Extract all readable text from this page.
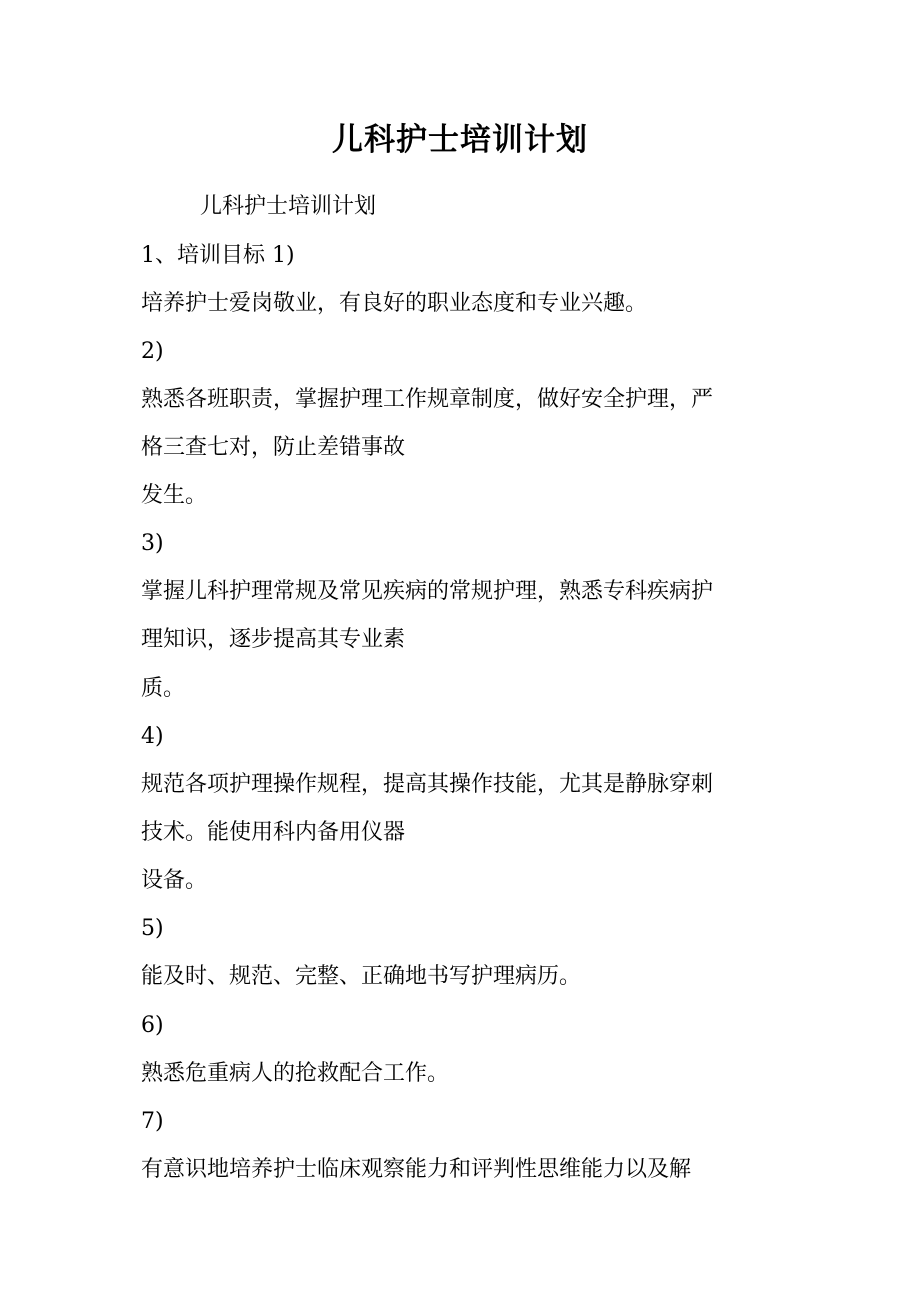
儿科护士培训计划

儿科护士培训计划

1、培训目标 1)

培养护士爱岗敬业，有良好的职业态度和专业兴趣。

2)

熟悉各班职责，掌握护理工作规章制度，做好安全护理，严

格三查七对，防止差错事故

发生。

3)

掌握儿科护理常规及常见疾病的常规护理，熟悉专科疾病护

理知识，逐步提高其专业素

质。

4)

规范各项护理操作规程，提高其操作技能，尤其是静脉穿刺

技术。能使用科内备用仪器

设备。

5)

能及时、规范、完整、正确地书写护理病历。

6)

熟悉危重病人的抢救配合工作。

7)

有意识地培养护士临床观察能力和评判性思维能力以及解
